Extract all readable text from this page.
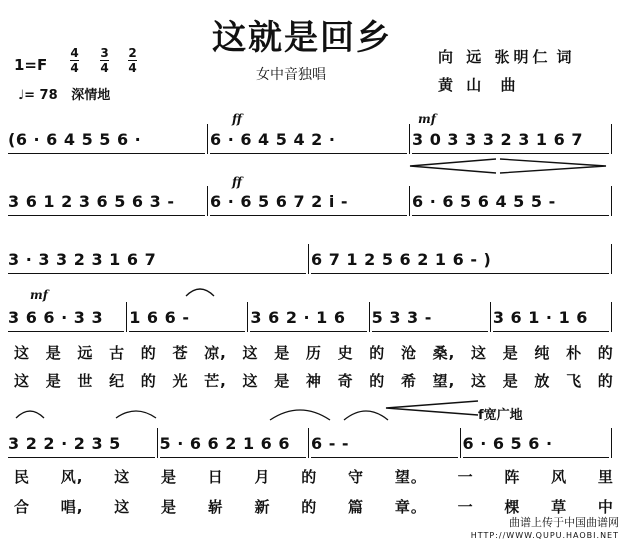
这就是回乡
1=F
4
4
3
4
2
4
♩= 78 深情地
女中音独唱
向 远 张明仁 词
黄 山 曲
ff	mf
ff
mf
f宽广地
(6 · 6 4 5 5 6 ·	6 · 6 4 5 4 2 ·	3 0 3 3 3 2 3 1 6 7
3 6 1 2 3 6 5 6 3 -	6 · 6 5 6 7 2 i -	6 · 6 5 6 4 5 5 -
3 · 3 3 2 3 1 6 7	6 7 1 2 5 6 2 1 6 - )
3 6 6 · 3 3	1 6 6 -	3 6 2 · 1 6	5 3 3 -	3 6 1 · 1 6
这 是 远 古 的 苍 凉, 这 是 历 史 的 沧 桑, 这 是 纯 朴 的
这 是 世 纪 的 光 芒, 这 是 神 奇 的 希 望, 这 是 放 飞 的
3 2 2 · 2 3 5	5 · 6 6 2 1 6 6	6 - -	6 · 6 5 6 ·
民 风, 这 是 日 月 的 守 望。 一 阵 风 里
合 唱, 这 是 崭 新 的 篇 章。 一 棵 草 中
曲谱上传于中国曲谱网
HTTP://WWW.QUPU.HAOBI.NET
